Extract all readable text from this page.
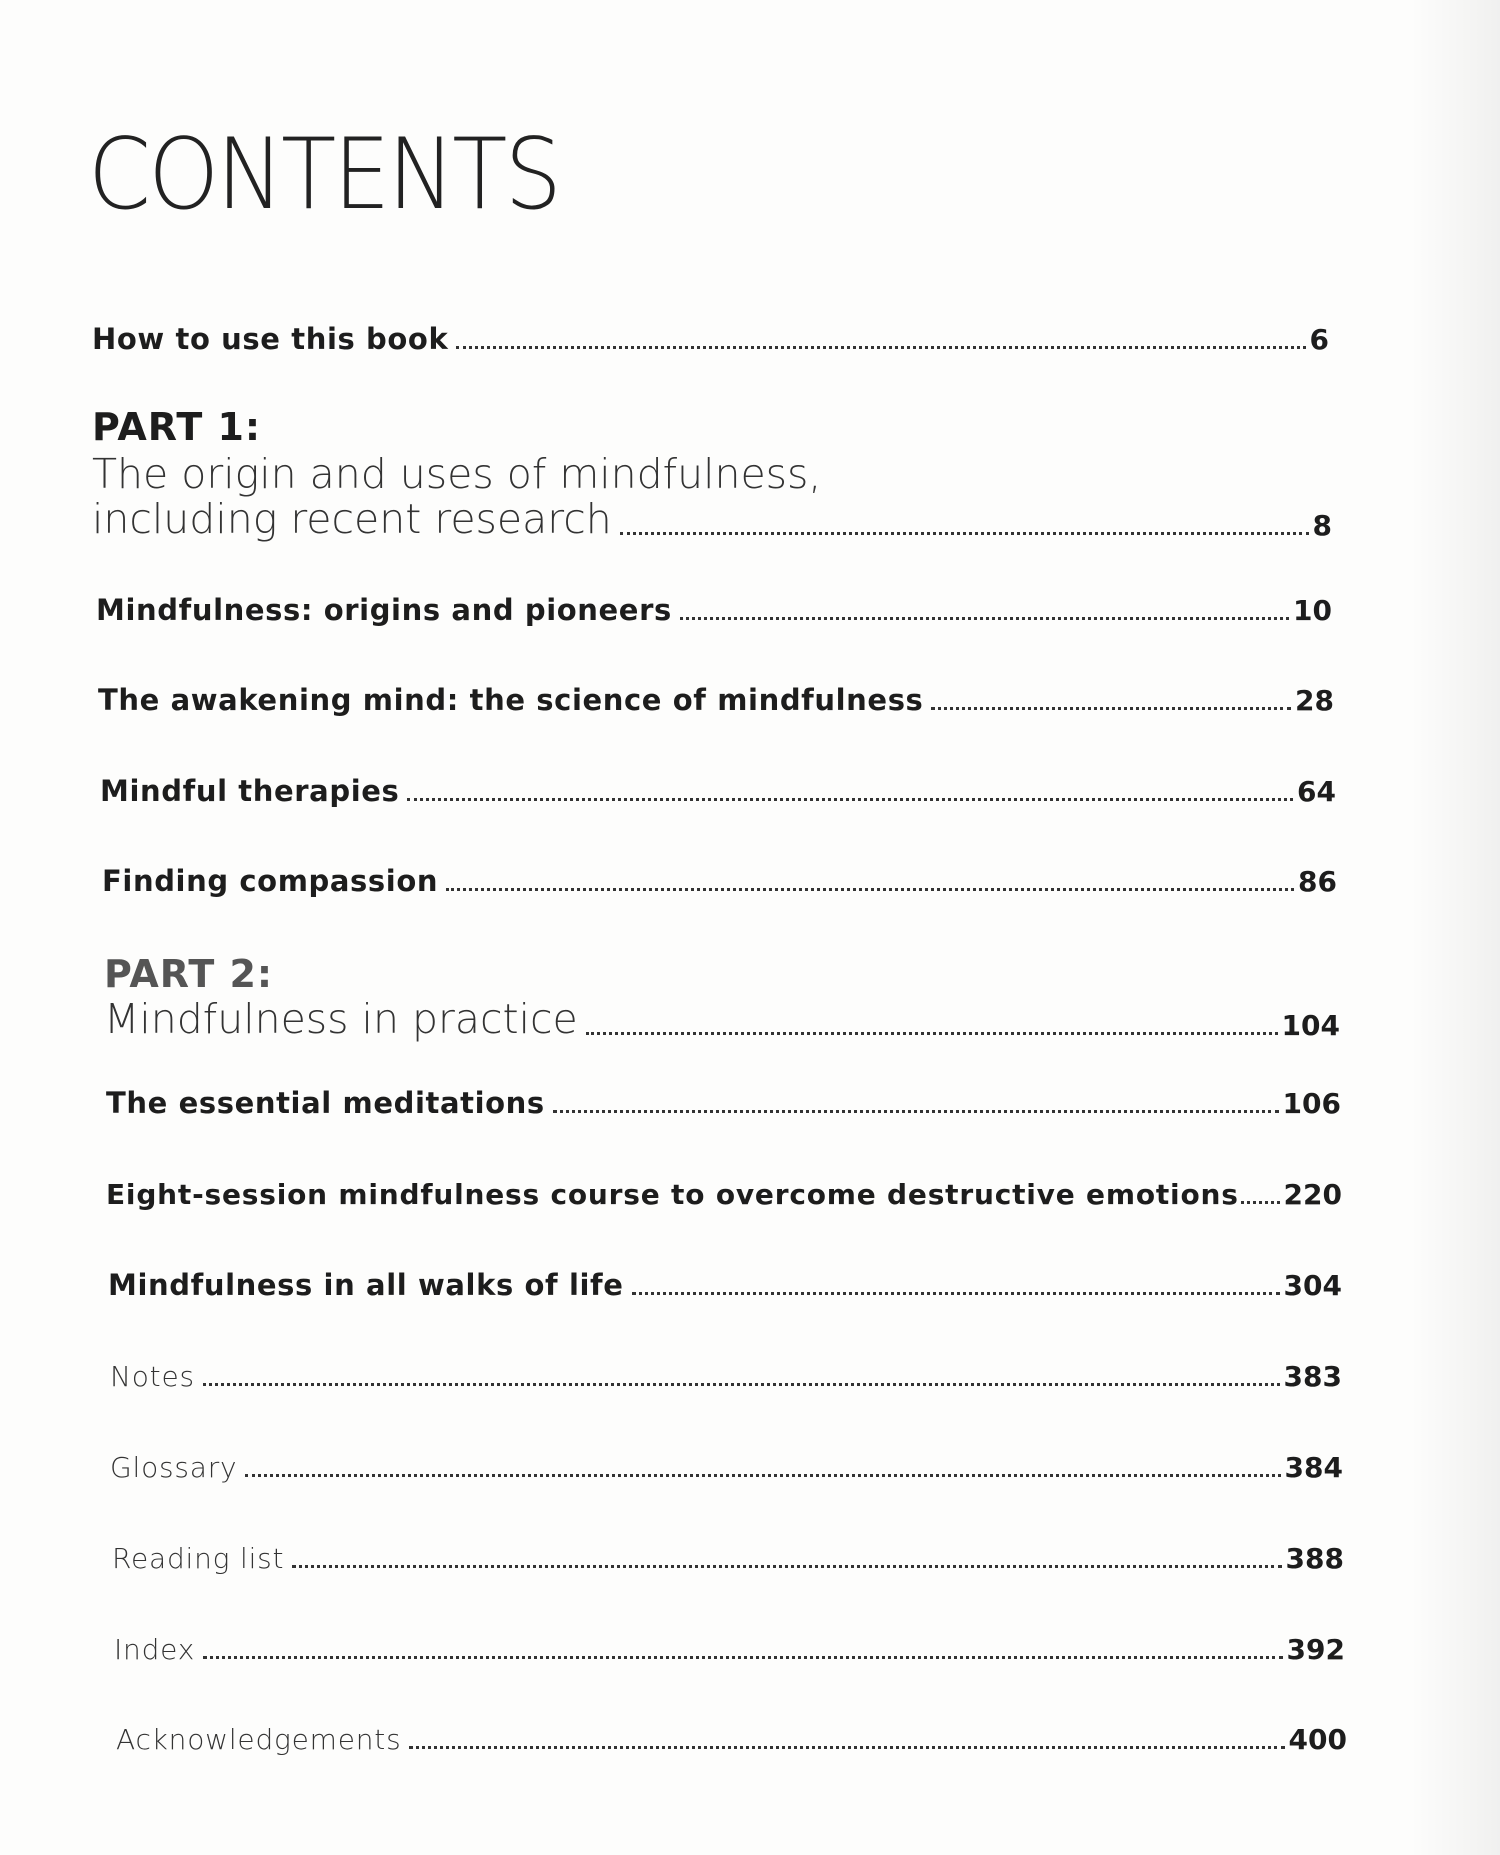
CONTENTS
How to use this book	6
PART 1:
The origin and uses of mindfulness,
including recent research	8
Mindfulness: origins and pioneers	10
The awakening mind: the science of mindfulness	28
Mindful therapies	64
Finding compassion	86
PART 2:
Mindfulness in practice	104
The essential meditations	106
Eight-session mindfulness course to overcome destructive emotions 220
Mindfulness in all walks of life	304
Notes	383
Glossary	384
Reading list	388
Index	392
Acknowledgements	400
